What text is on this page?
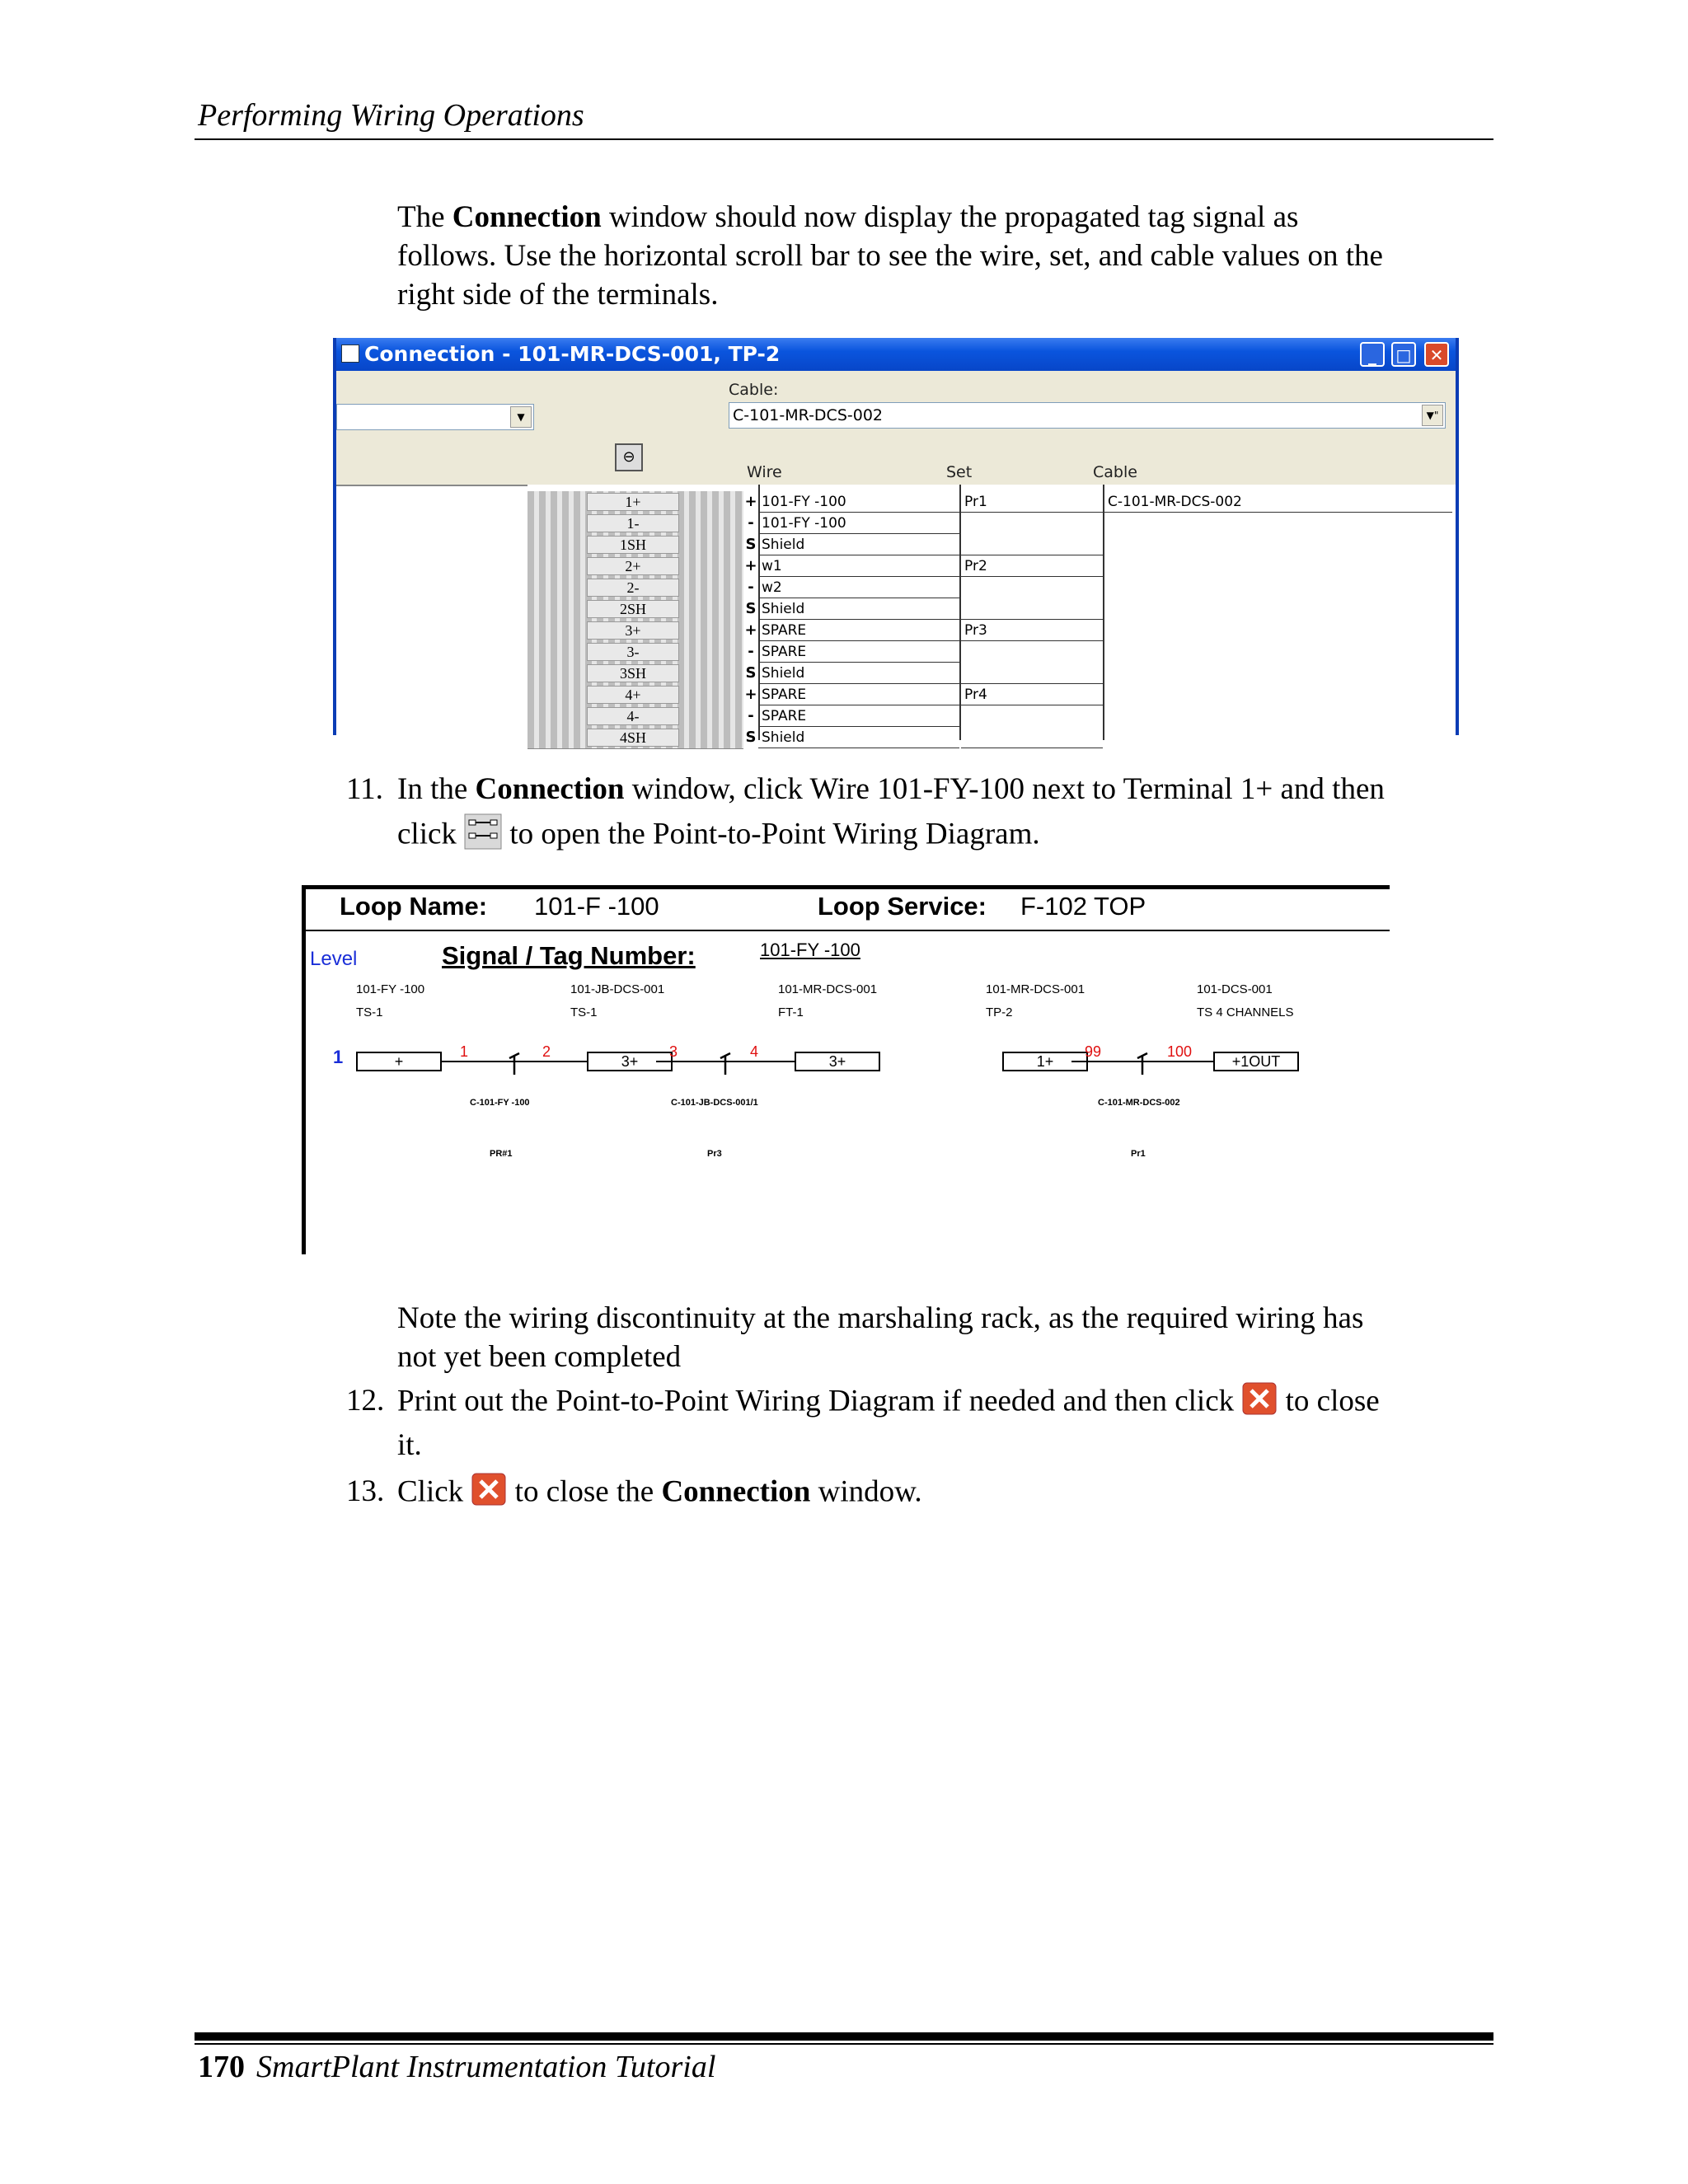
Performing Wiring Operations
The Connection window should now display the propagated tag signal as
follows. Use the horizontal scroll bar to see the wire, set, and cable values on the
right side of the terminals.
Connection - 101-MR-DCS-001, TP-2	_	□	✕
▼
Cable:
C-101-MR-DCS-002	▼"
⊖
Wire	Set	Cable
1+	+ 101-FY -100	Pr1	C-101-MR-DCS-002
1-	- 101-FY -100
1SH	S Shield
2+	+ w1	Pr2
2-	- w2
2SH	S Shield
3+	+ SPARE	Pr3
3-	- SPARE
3SH	S Shield
4+	+ SPARE	Pr4
4-	- SPARE
4SH	S Shield
11. In the Connection window, click Wire 101-FY-100 next to Terminal 1+ and then
click  to open the Point-to-Point Wiring Diagram.
Loop Name: 101-F -100	Loop Service: F-102 TOP
Level
1
Signal / Tag Number:	101-FY -100
101-FY -100
TS-1
+
101-JB-DCS-001
TS-1
3+
101-MR-DCS-001
FT-1
3+
101-MR-DCS-001
TP-2
1+
101-DCS-001
TS 4 CHANNELS
+1OUT
1	2	3	4	99	100
C-101-FY -100	C-101-JB-DCS-001/1	C-101-MR-DCS-002
PR#1	Pr3	Pr1
Note the wiring discontinuity at the marshaling rack, as the required wiring has
not yet been completed
12. Print out the Point-to-Point Wiring Diagram if needed and then click  to close
it.
13. Click  to close the Connection window.
170 SmartPlant Instrumentation Tutorial
